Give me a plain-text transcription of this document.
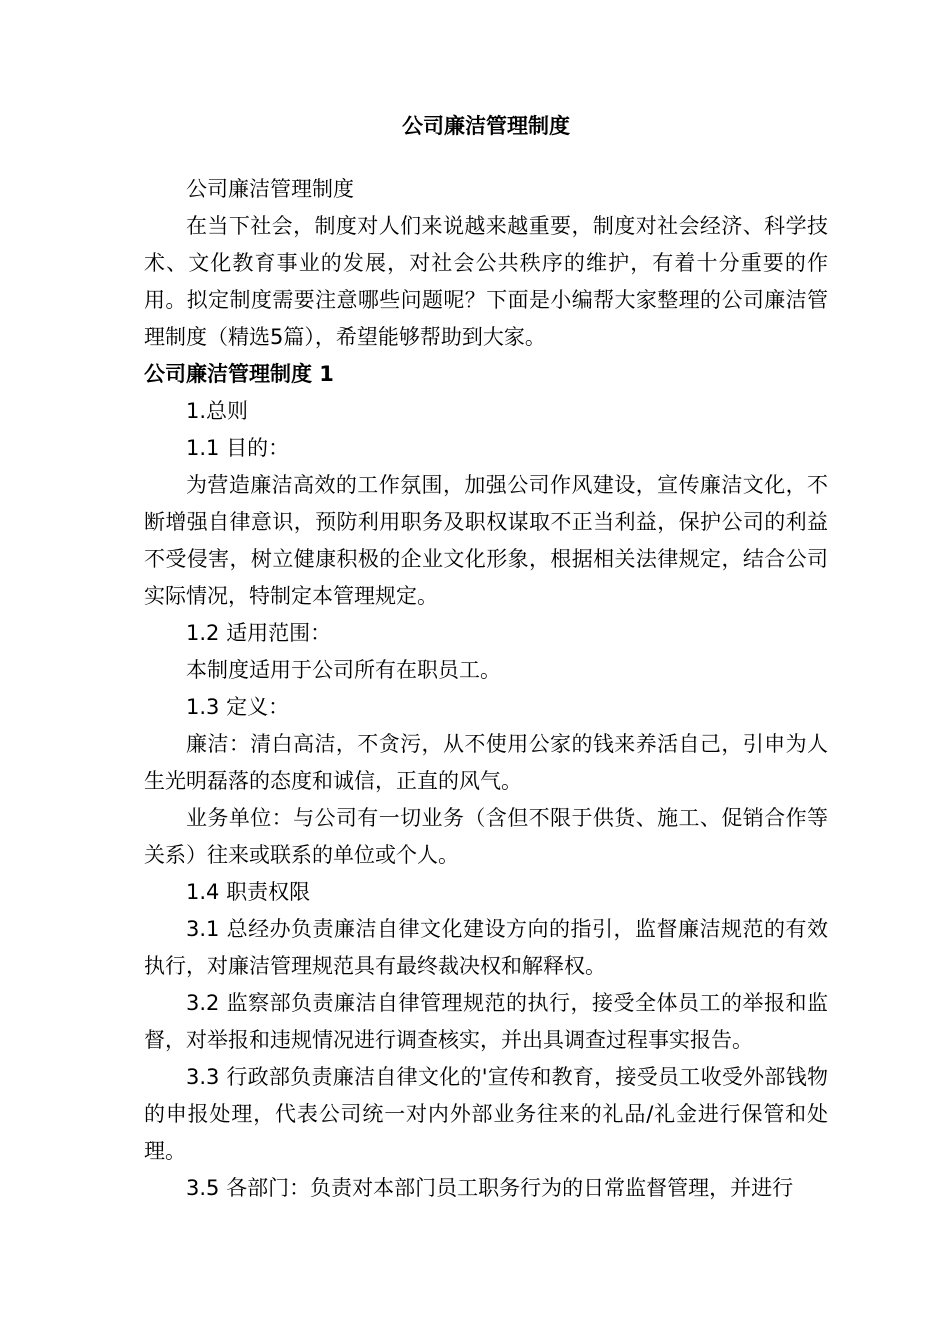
公司廉洁管理制度
公司廉洁管理制度
在当下社会，制度对人们来说越来越重要，制度对社会经济、科学技术、文化教育事业的发展，对社会公共秩序的维护，有着十分重要的作用。拟定制度需要注意哪些问题呢？下面是小编帮大家整理的公司廉洁管理制度（精选5篇），希望能够帮助到大家。
公司廉洁管理制度 1
1.总则
1.1 目的：
为营造廉洁高效的工作氛围，加强公司作风建设，宣传廉洁文化，不断增强自律意识，预防利用职务及职权谋取不正当利益，保护公司的利益不受侵害，树立健康积极的企业文化形象，根据相关法律规定，结合公司实际情况，特制定本管理规定。
1.2 适用范围：
本制度适用于公司所有在职员工。
1.3 定义：
廉洁：清白高洁，不贪污，从不使用公家的钱来养活自己，引申为人生光明磊落的态度和诚信，正直的风气。
业务单位：与公司有一切业务（含但不限于供货、施工、促销合作等关系）往来或联系的单位或个人。
1.4 职责权限
3.1 总经办负责廉洁自律文化建设方向的指引，监督廉洁规范的有效执行，对廉洁管理规范具有最终裁决权和解释权。
3.2 监察部负责廉洁自律管理规范的执行，接受全体员工的举报和监督，对举报和违规情况进行调查核实，并出具调查过程事实报告。
3.3 行政部负责廉洁自律文化的'宣传和教育，接受员工收受外部钱物的申报处理，代表公司统一对内外部业务往来的礼品/礼金进行保管和处理。
3.5 各部门：负责对本部门员工职务行为的日常监督管理，并进行
